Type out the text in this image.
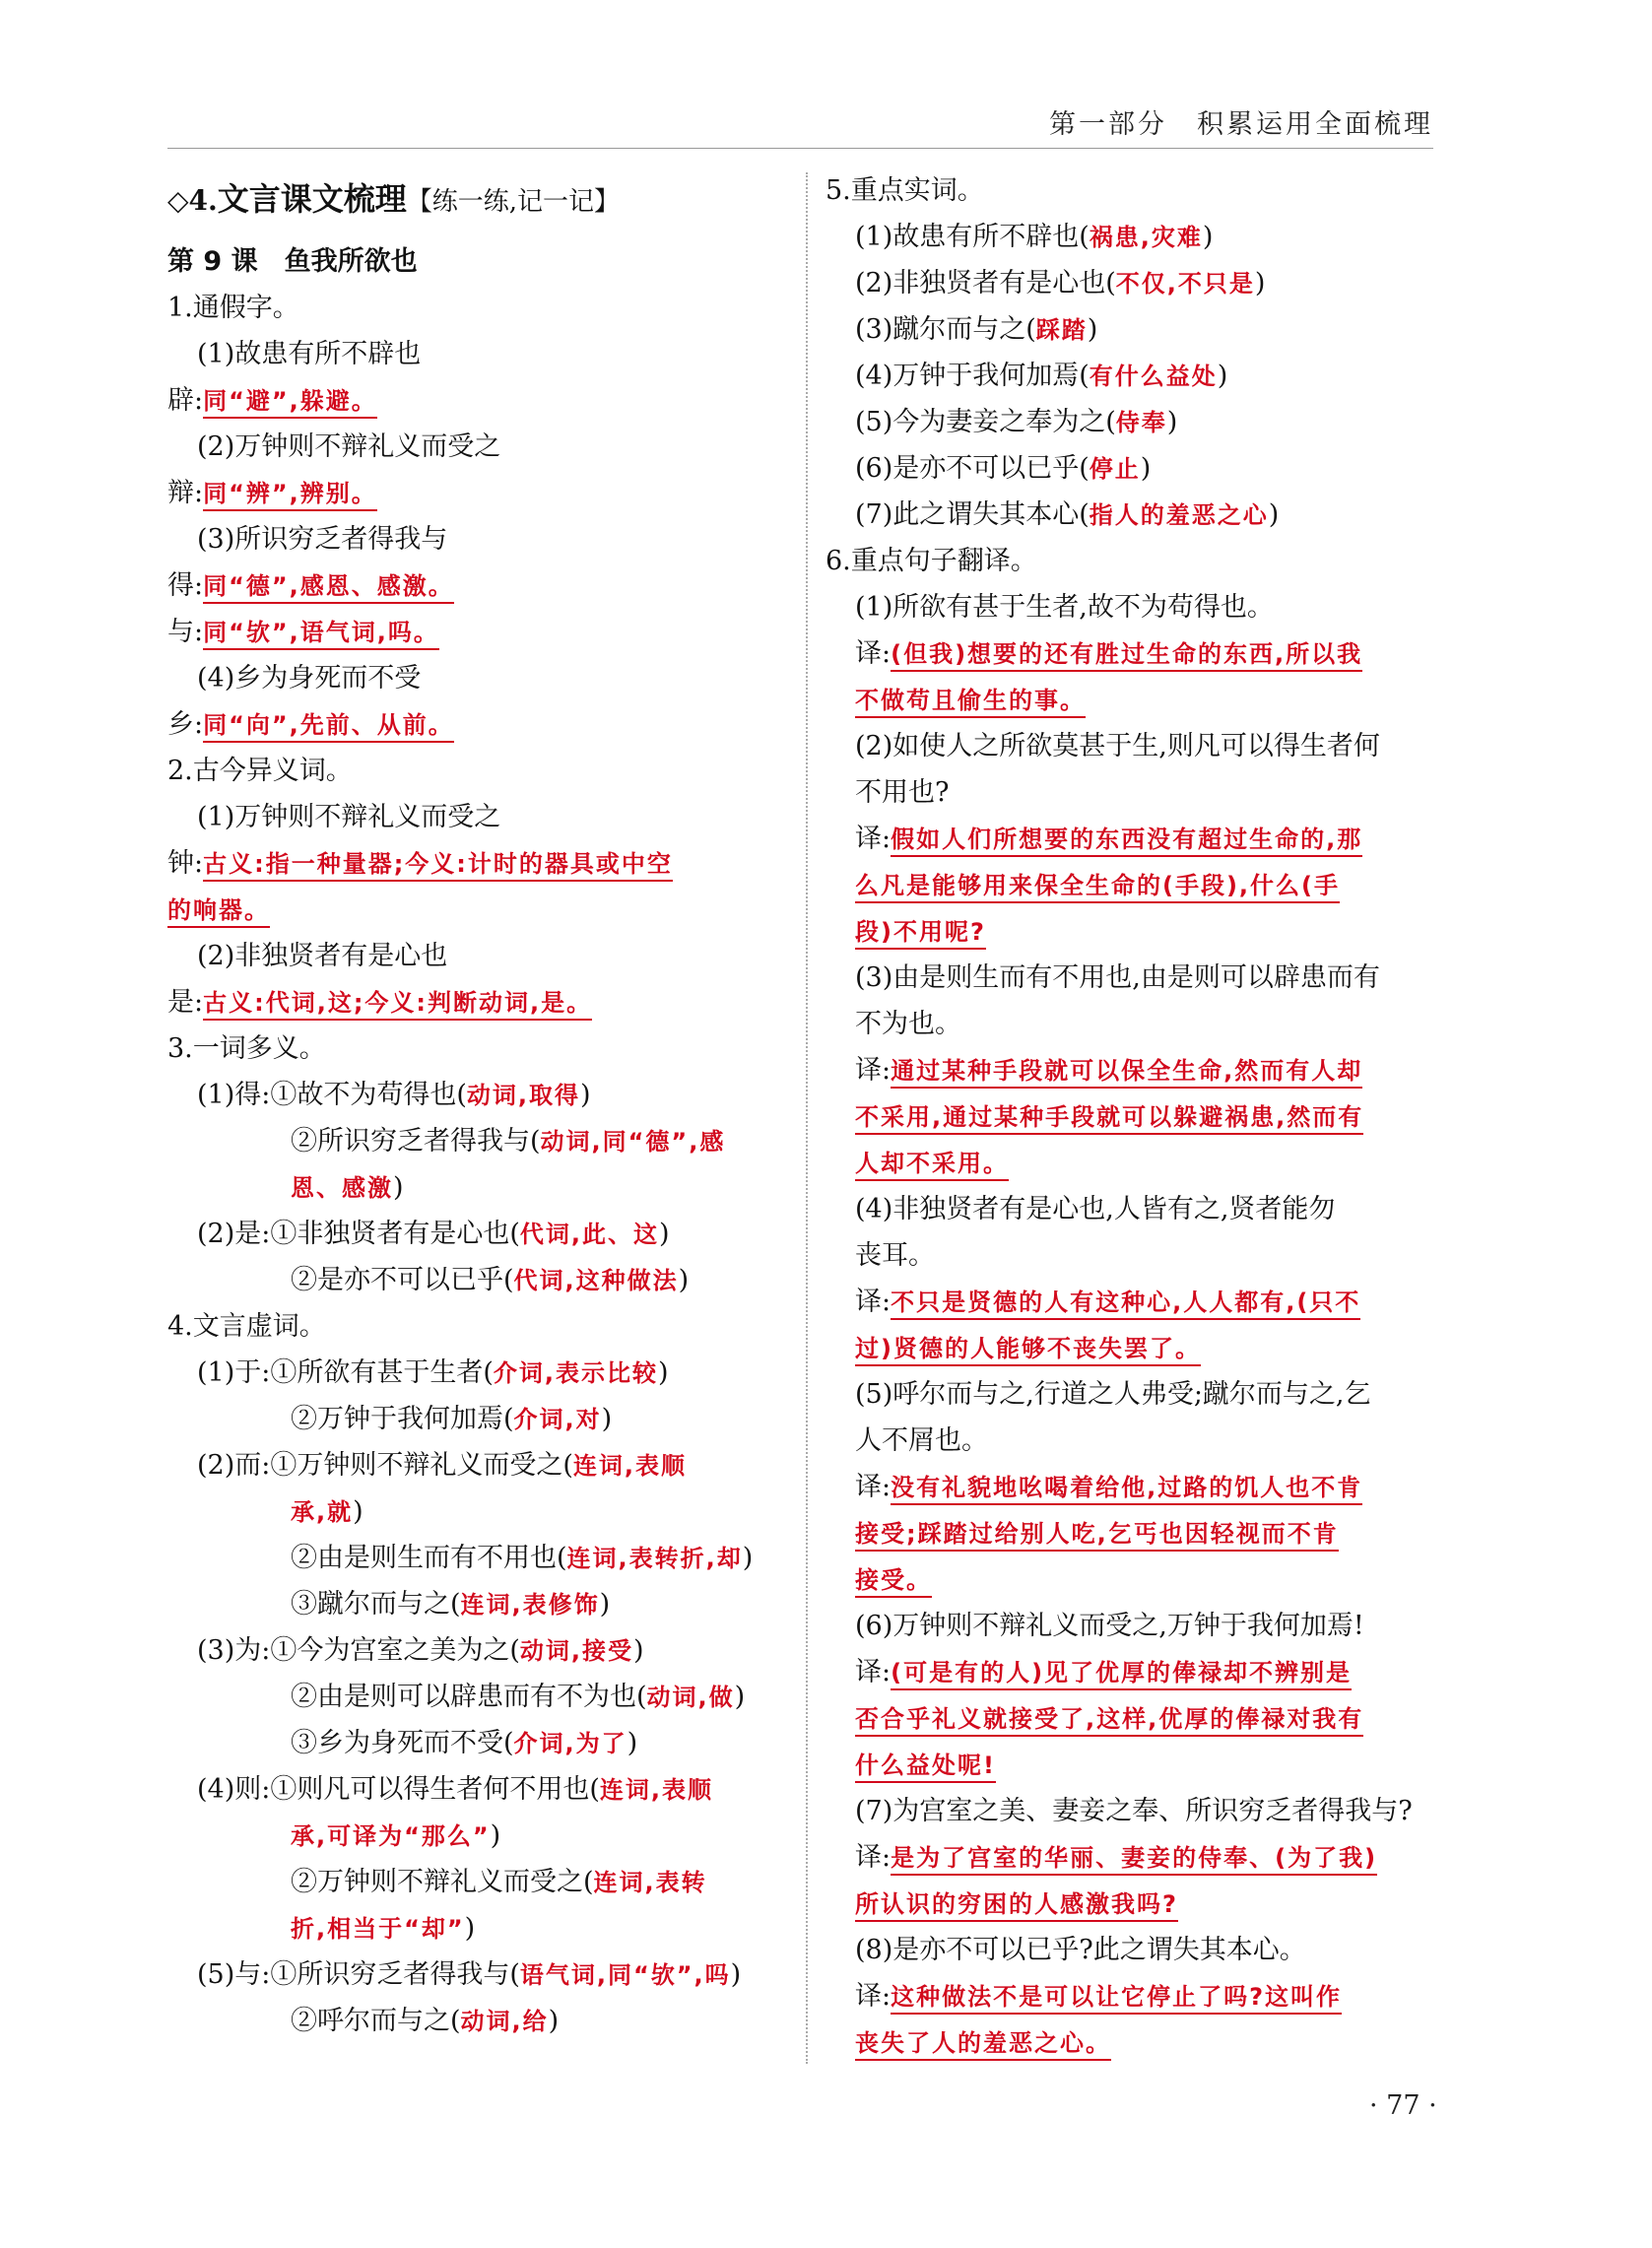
第一部分　积累运用全面梳理
◇4.文言课文梳理【练一练,记一记】
第 9 课　鱼我所欲也
1.通假字。
(1)故患有所不辟也
辟:同“避”,躲避。
(2)万钟则不辩礼义而受之
辩:同“辨”,辨别。
(3)所识穷乏者得我与
得:同“德”,感恩、感激。
与:同“欤”,语气词,吗。
(4)乡为身死而不受
乡:同“向”,先前、从前。
2.古今异义词。
(1)万钟则不辩礼义而受之
钟:古义:指一种量器;今义:计时的器具或中空
的响器。
(2)非独贤者有是心也
是:古义:代词,这;今义:判断动词,是。
3.一词多义。
(1)得:①故不为苟得也(动词,取得)
②所识穷乏者得我与(动词,同“德”,感
恩、感激)
(2)是:①非独贤者有是心也(代词,此、这)
②是亦不可以已乎(代词,这种做法)
4.文言虚词。
(1)于:①所欲有甚于生者(介词,表示比较)
②万钟于我何加焉(介词,对)
(2)而:①万钟则不辩礼义而受之(连词,表顺
承,就)
②由是则生而有不用也(连词,表转折,却)
③蹴尔而与之(连词,表修饰)
(3)为:①今为宫室之美为之(动词,接受)
②由是则可以辟患而有不为也(动词,做)
③乡为身死而不受(介词,为了)
(4)则:①则凡可以得生者何不用也(连词,表顺
承,可译为“那么”)
②万钟则不辩礼义而受之(连词,表转
折,相当于“却”)
(5)与:①所识穷乏者得我与(语气词,同“欤”,吗)
②呼尔而与之(动词,给)
5.重点实词。
(1)故患有所不辟也(祸患,灾难)
(2)非独贤者有是心也(不仅,不只是)
(3)蹴尔而与之(踩踏)
(4)万钟于我何加焉(有什么益处)
(5)今为妻妾之奉为之(侍奉)
(6)是亦不可以已乎(停止)
(7)此之谓失其本心(指人的羞恶之心)
6.重点句子翻译。
(1)所欲有甚于生者,故不为苟得也。
译:(但我)想要的还有胜过生命的东西,所以我
不做苟且偷生的事。
(2)如使人之所欲莫甚于生,则凡可以得生者何
不用也?
译:假如人们所想要的东西没有超过生命的,那
么凡是能够用来保全生命的(手段),什么(手
段)不用呢?
(3)由是则生而有不用也,由是则可以辟患而有
不为也。
译:通过某种手段就可以保全生命,然而有人却
不采用,通过某种手段就可以躲避祸患,然而有
人却不采用。
(4)非独贤者有是心也,人皆有之,贤者能勿
丧耳。
译:不只是贤德的人有这种心,人人都有,(只不
过)贤德的人能够不丧失罢了。
(5)呼尔而与之,行道之人弗受;蹴尔而与之,乞
人不屑也。
译:没有礼貌地吆喝着给他,过路的饥人也不肯
接受;踩踏过给别人吃,乞丐也因轻视而不肯
接受。
(6)万钟则不辩礼义而受之,万钟于我何加焉!
译:(可是有的人)见了优厚的俸禄却不辨别是
否合乎礼义就接受了,这样,优厚的俸禄对我有
什么益处呢!
(7)为宫室之美、妻妾之奉、所识穷乏者得我与?
译:是为了宫室的华丽、妻妾的侍奉、(为了我)
所认识的穷困的人感激我吗?
(8)是亦不可以已乎?此之谓失其本心。
译:这种做法不是可以让它停止了吗?这叫作
丧失了人的羞恶之心。
· 77 ·
